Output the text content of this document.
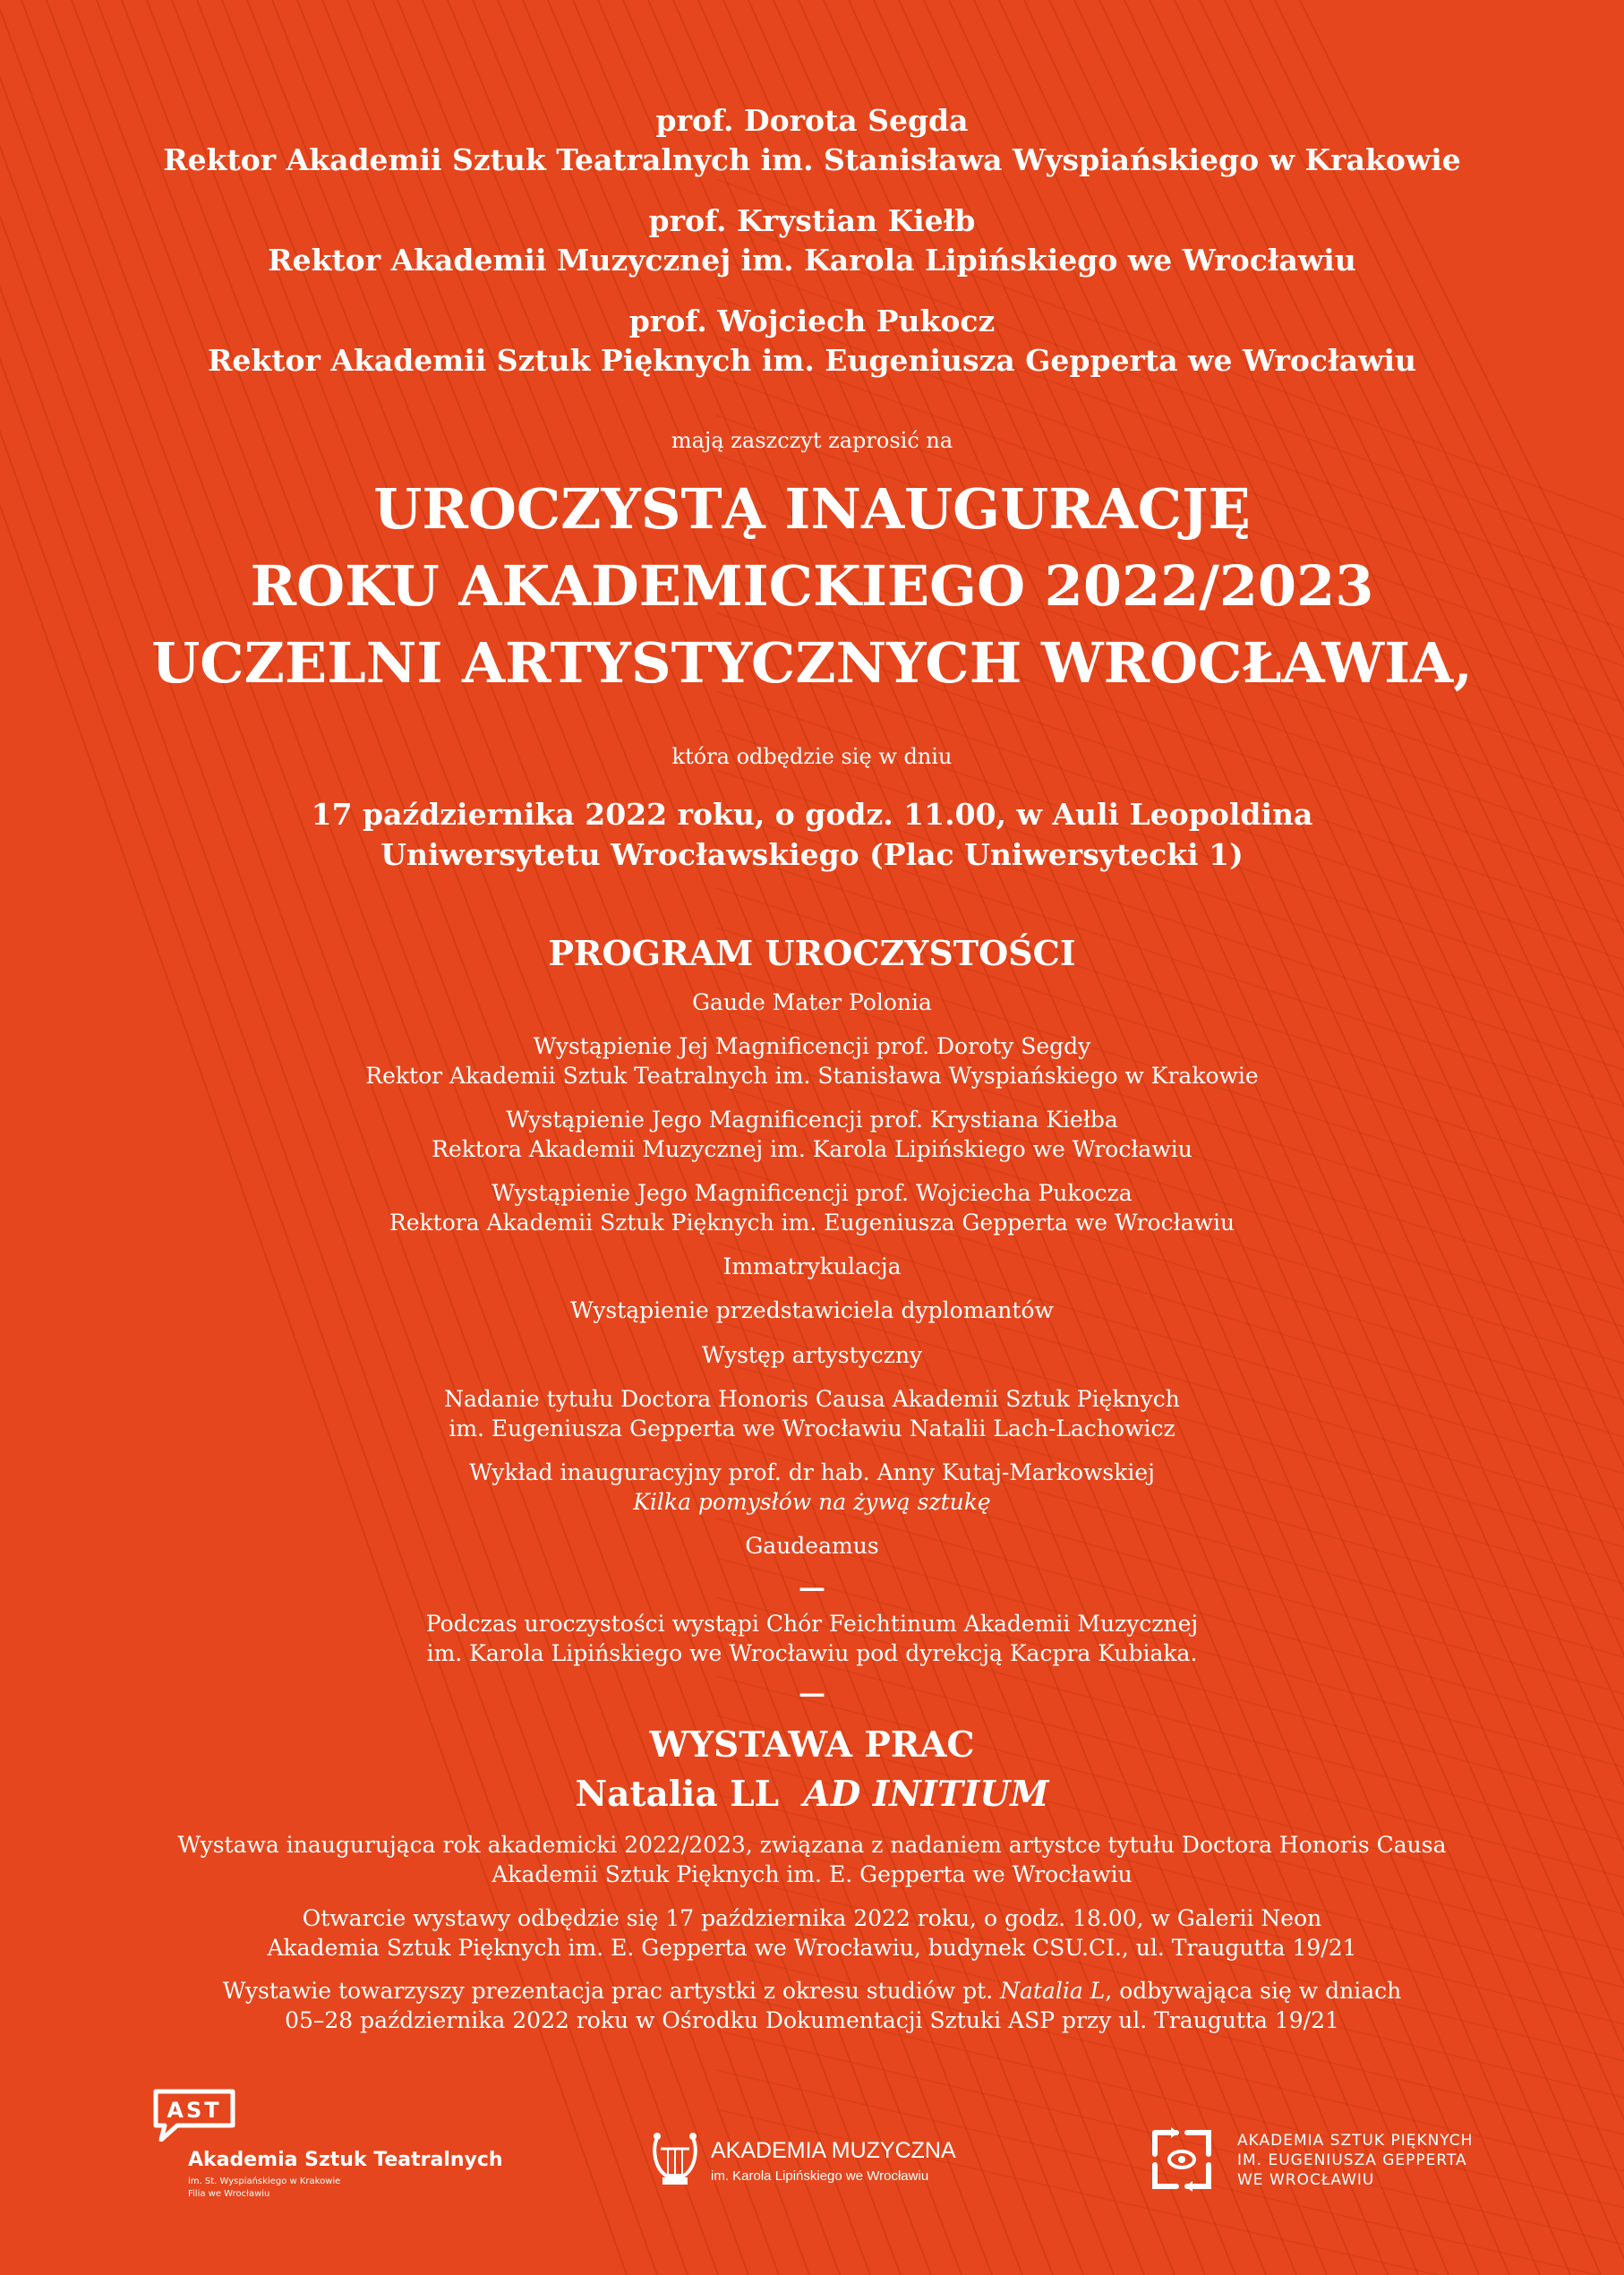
prof. Dorota Segda
Rektor Akademii Sztuk Teatralnych im. Stanisława Wyspiańskiego w Krakowie
prof. Krystian Kiełb
Rektor Akademii Muzycznej im. Karola Lipińskiego we Wrocławiu
prof. Wojciech Pukocz
Rektor Akademii Sztuk Pięknych im. Eugeniusza Gepperta we Wrocławiu
mają zaszczyt zaprosić na
UROCZYSTĄ INAUGURACJĘ
ROKU AKADEMICKIEGO 2022/2023
UCZELNI ARTYSTYCZNYCH WROCŁAWIA,
która odbędzie się w dniu
17 października 2022 roku, o godz. 11.00, w Auli Leopoldina
Uniwersytetu Wrocławskiego (Plac Uniwersytecki 1)
PROGRAM UROCZYSTOŚCI
Gaude Mater Polonia
Wystąpienie Jej Magnificencji prof. Doroty Segdy
Rektor Akademii Sztuk Teatralnych im. Stanisława Wyspiańskiego w Krakowie
Wystąpienie Jego Magnificencji prof. Krystiana Kiełba
Rektora Akademii Muzycznej im. Karola Lipińskiego we Wrocławiu
Wystąpienie Jego Magnificencji prof. Wojciecha Pukocza
Rektora Akademii Sztuk Pięknych im. Eugeniusza Gepperta we Wrocławiu
Immatrykulacja
Wystąpienie przedstawiciela dyplomantów
Występ artystyczny
Nadanie tytułu Doctora Honoris Causa Akademii Sztuk Pięknych
im. Eugeniusza Gepperta we Wrocławiu Natalii Lach-Lachowicz
Wykład inauguracyjny prof. dr hab. Anny Kutaj-Markowskiej
Kilka pomysłów na żywą sztukę
Gaudeamus
—
Podczas uroczystości wystąpi Chór Feichtinum Akademii Muzycznej
im. Karola Lipińskiego we Wrocławiu pod dyrekcją Kacpra Kubiaka.
—
WYSTAWA PRAC
Natalia LL AD INITIUM
Wystawa inaugurująca rok akademicki 2022/2023, związana z nadaniem artystce tytułu Doctora Honoris Causa
Akademii Sztuk Pięknych im. E. Gepperta we Wrocławiu
Otwarcie wystawy odbędzie się 17 października 2022 roku, o godz. 18.00, w Galerii Neon
Akademia Sztuk Pięknych im. E. Gepperta we Wrocławiu, budynek CSU.CI., ul. Traugutta 19/21
Wystawie towarzyszy prezentacja prac artystki z okresu studiów pt. Natalia L, odbywająca się w dniach
05–28 października 2022 roku w Ośrodku Dokumentacji Sztuki ASP przy ul. Traugutta 19/21
AST
Akademia Sztuk Teatralnych
im. St. Wyspiańskiego w Krakowie
Filia we Wrocławiu
AKADEMIA MUZYCZNA
im. Karola Lipińskiego we Wrocławiu
AKADEMIA SZTUK PIĘKNYCH
IM. EUGENIUSZA GEPPERTA
WE WROCŁAWIU
